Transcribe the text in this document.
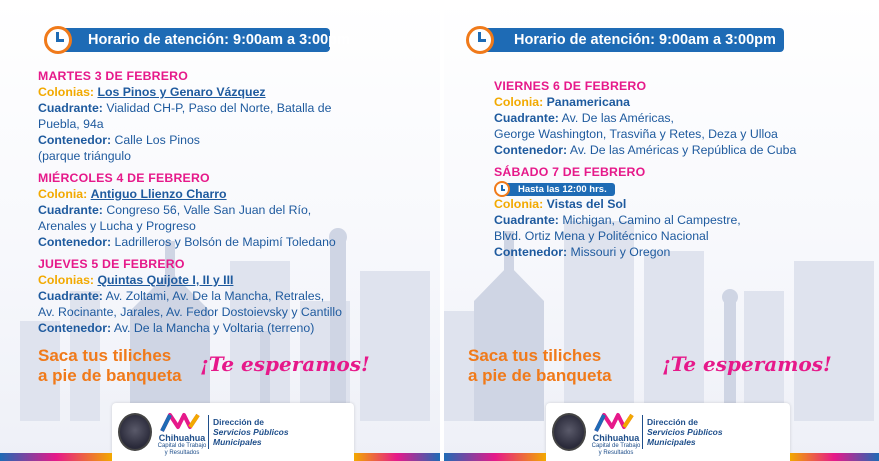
Horario de atención: 9:00am a 3:00pm
MARTES 3 DE FEBRERO
Colonias: Los Pinos y Genaro Vázquez
Cuadrante: Vialidad CH-P, Paso del Norte, Batalla de
Puebla, 94a
Contenedor: Calle Los Pinos
(parque triángulo
MIÉRCOLES 4 DE FEBRERO
Colonia: Antiguo Llienzo Charro
Cuadrante: Congreso 56, Valle San Juan del Río,
Arenales y Lucha y Progreso
Contenedor: Ladrilleros y Bolsón de Mapimí Toledano
JUEVES 5 DE FEBRERO
Colonias: Quintas Quijote I, II y III
Cuadrante: Av. Zoltami, Av. De la Mancha, Retrales,
Av. Rocinante, Jarales, Av. Fedor Dostoievsky y Cantillo
Contenedor: Av. De la Mancha y Voltaria (terreno)
Saca tus tiliches
a pie de banqueta ¡Te esperamos!
Chihuahua
Capital de Trabajo
y Resultados
Dirección de
Servicios Públicos
Municipales
Horario de atención: 9:00am a 3:00pm
VIERNES 6 DE FEBRERO
Colonia: Panamericana
Cuadrante: Av. De las Américas,
George Washington, Trasviña y Retes, Deza y Ulloa
Contenedor: Av. De las Américas y República de Cuba
SÁBADO 7 DE FEBRERO
Hasta las 12:00 hrs.
Colonia: Vistas del Sol
Cuadrante: Michigan, Camino al Campestre,
Blvd. Ortiz Mena y Politécnico Nacional
Contenedor: Missouri y Oregon
Saca tus tiliches
a pie de banqueta	¡Te esperamos!
Chihuahua
Capital de Trabajo
y Resultados
Dirección de
Servicios Públicos
Municipales
